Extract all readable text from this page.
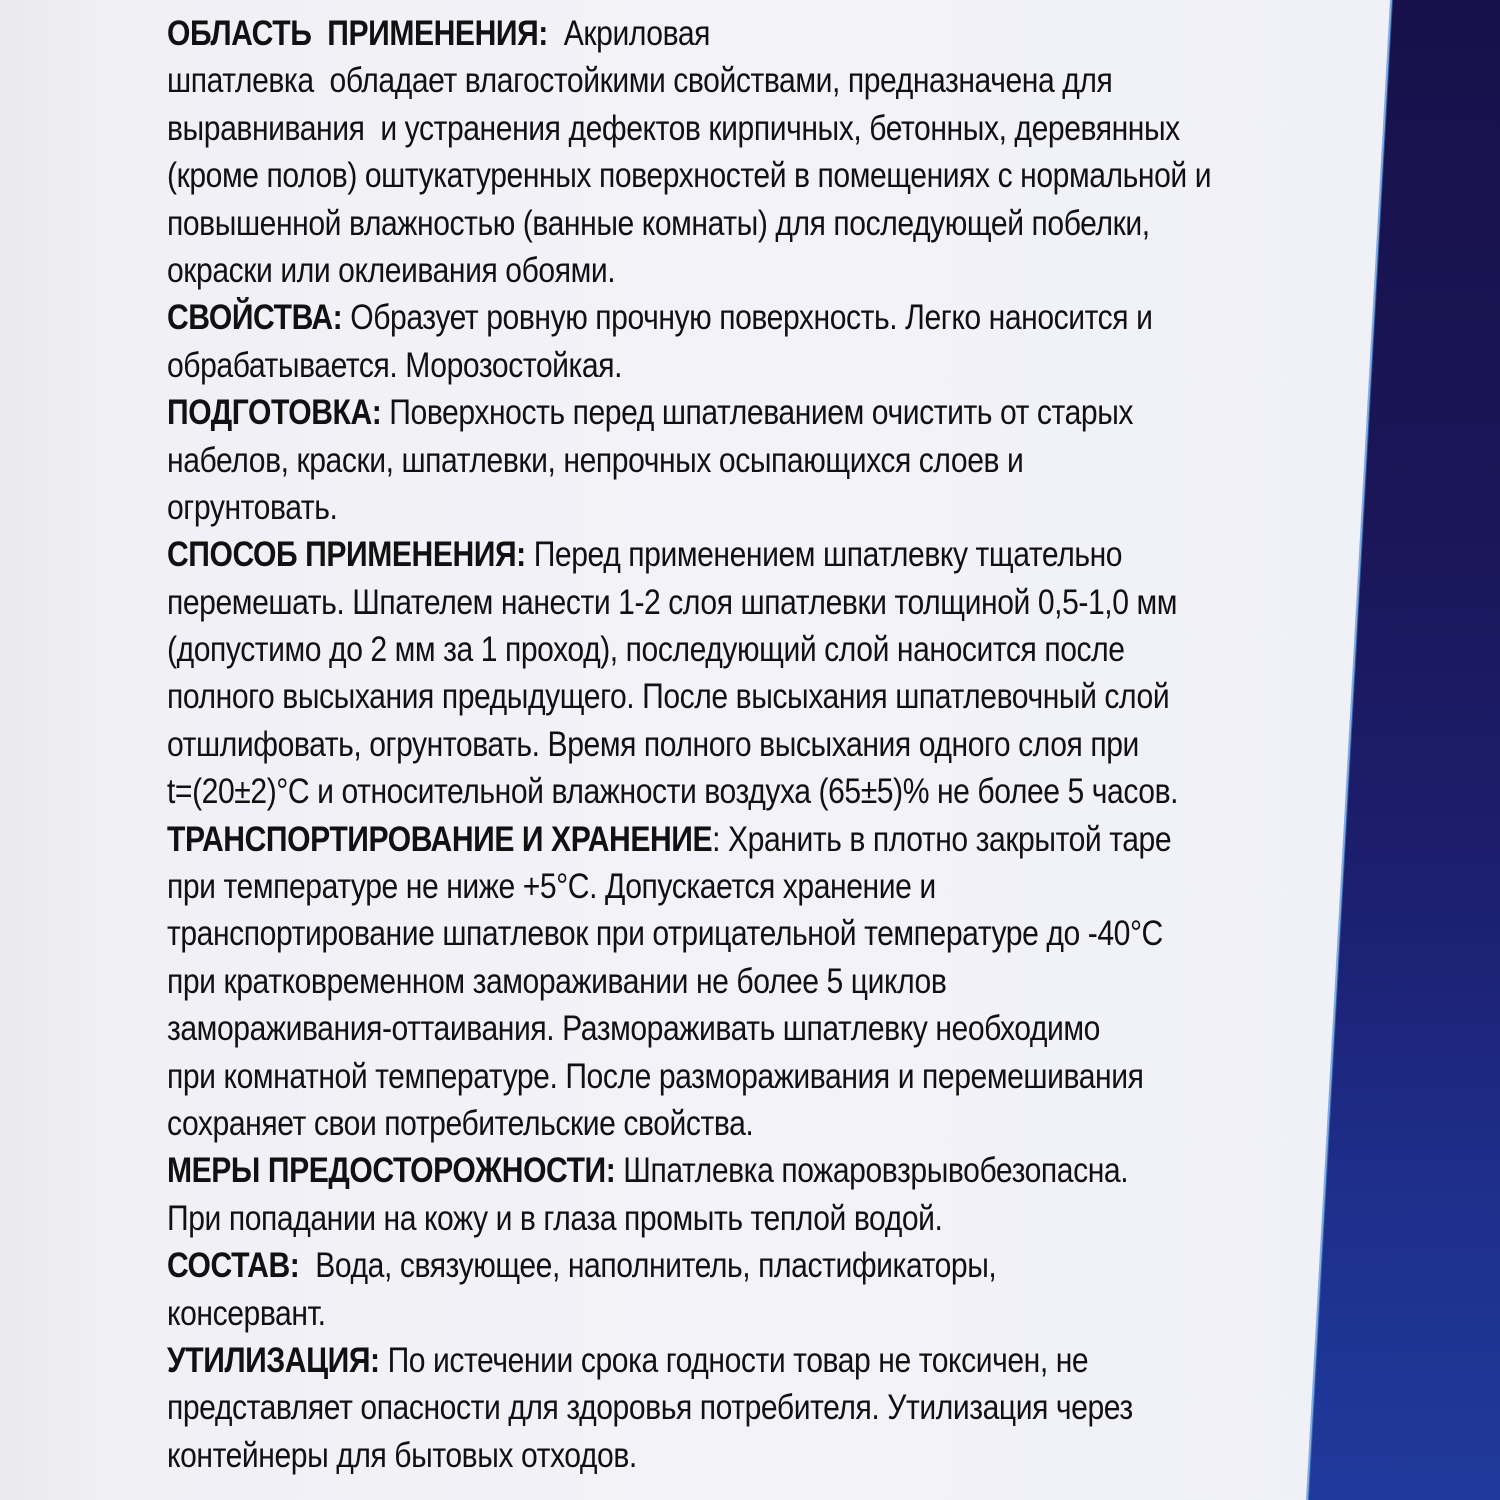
ОБЛАСТЬ  ПРИМЕНЕНИЯ:
Акриловая
шпатлевка  обладает влагостойкими свойствами, предназначена для
выравнивания  и устранения дефектов кирпичных, бетонных, деревянных
(кроме полов) оштукатуренных поверхностей в помещениях с нормальной и
повышенной влажностью (ванные комнаты) для последующей побелки,
окраски или оклеивания обоями.
СВОЙСТВА:
Образует ровную прочную поверхность. Легко наносится и
обрабатывается. Морозостойкая.
ПОДГОТОВКА:
Поверхность перед шпатлеванием очистить от старых
набелов, краски, шпатлевки, непрочных осыпающихся слоев и
огрунтовать.
СПОСОБ ПРИМЕНЕНИЯ:
Перед применением шпатлевку тщательно
перемешать. Шпателем нанести 1-2 слоя шпатлевки толщиной 0,5-1,0 мм
(допустимо до 2 мм за 1 проход), последующий слой наносится после
полного высыхания предыдущего. После высыхания шпатлевочный слой
отшлифовать, огрунтовать. Время полного высыхания одного слоя при
t=(20±2)°С и относительной влажности воздуха (65±5)% не более 5 часов.
ТРАНСПОРТИРОВАНИЕ И ХРАНЕНИЕ : Хранить в плотно закрытой таре
при температуре не ниже +5°С. Допускается хранение и
транспортирование шпатлевок при отрицательной температуре до -40°С
при кратковременном замораживании не более 5 циклов
замораживания-оттаивания. Размораживать шпатлевку необходимо
при комнатной температуре. После размораживания и перемешивания
сохраняет свои потребительские свойства.
МЕРЫ ПРЕДОСТОРОЖНОСТИ:
Шпатлевка пожаровзрывобезопасна.
При попадании на кожу и в глаза промыть теплой водой.
СОСТАВ:
Вода, связующее, наполнитель, пластификаторы,
консервант.
УТИЛИЗАЦИЯ:
По истечении срока годности товар не токсичен, не
представляет опасности для здоровья потребителя. Утилизация через
контейнеры для бытовых отходов.
